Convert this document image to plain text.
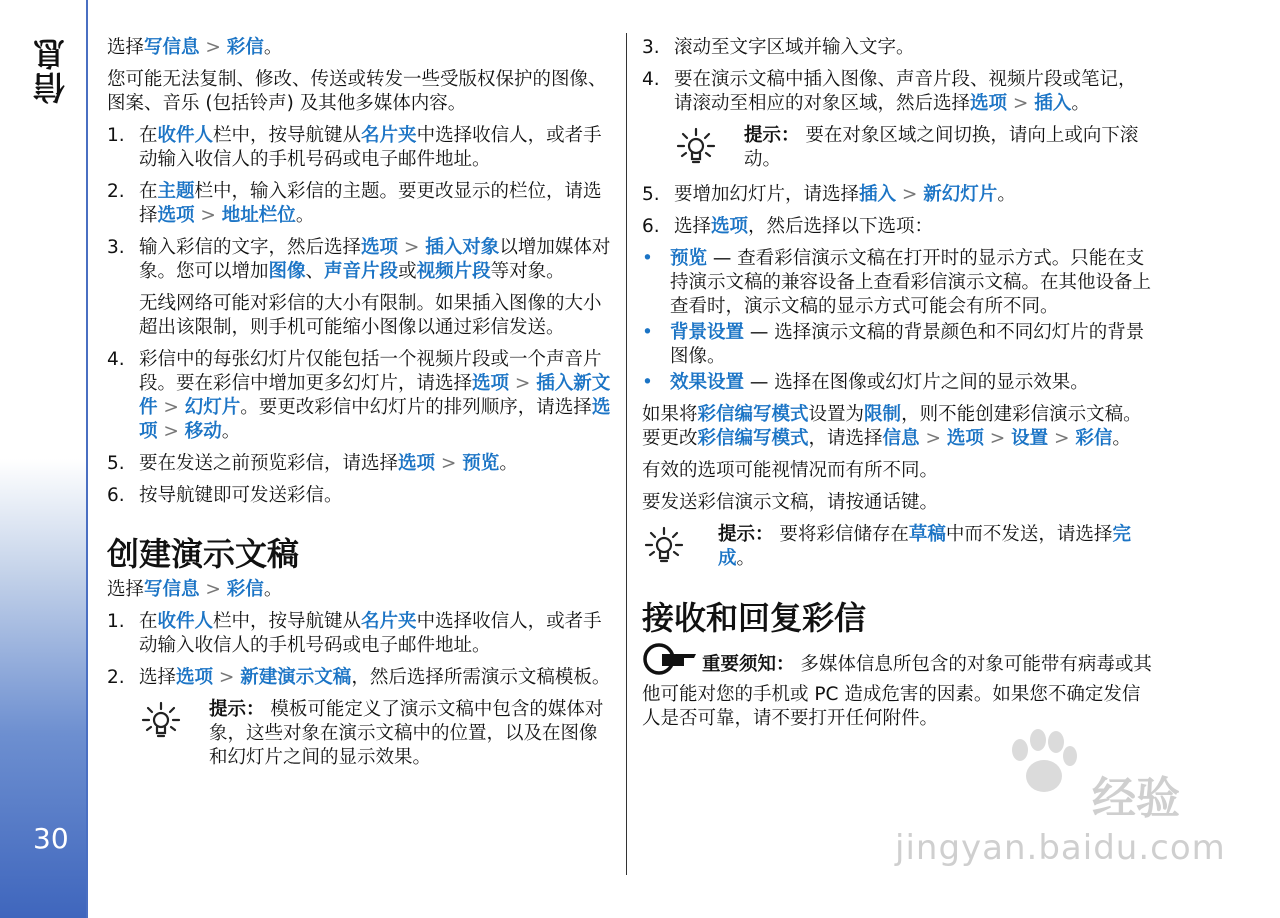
信息
30

选择写信息 > 彩信。

您可能无法复制、修改、传送或转发一些受版权保护的图像、图案、音乐 (包括铃声) 及其他多媒体内容。

1. 在收件人栏中，按导航键从名片夹中选择收信人，或者手动输入收信人的手机号码或电子邮件地址。
2. 在主题栏中，输入彩信的主题。要更改显示的栏位，请选择选项 > 地址栏位。
3. 输入彩信的文字，然后选择选项 > 插入对象以增加媒体对象。您可以增加图像、声音片段或视频片段等对象。
无线网络可能对彩信的大小有限制。如果插入图像的大小超出该限制，则手机可能缩小图像以通过彩信发送。
4. 彩信中的每张幻灯片仅能包括一个视频片段或一个声音片段。要在彩信中增加更多幻灯片，请选择选项 > 插入新文件 > 幻灯片。要更改彩信中幻灯片的排列顺序，请选择选项 > 移动。
5. 要在发送之前预览彩信，请选择选项 > 预览。
6. 按导航键即可发送彩信。
创建演示文稿

选择写信息 > 彩信。

1. 在收件人栏中，按导航键从名片夹中选择收信人，或者手动输入收信人的手机号码或电子邮件地址。
2. 选择选项 > 新建演示文稿，然后选择所需演示文稿模板。
提示： 模板可能定义了演示文稿中包含的媒体对象，这些对象在演示文稿中的位置，以及在图像和幻灯片之间的显示效果。
3. 滚动至文字区域并输入文字。
4. 要在演示文稿中插入图像、声音片段、视频片段或笔记，请滚动至相应的对象区域，然后选择选项 > 插入。
提示： 要在对象区域之间切换，请向上或向下滚动。
5. 要增加幻灯片，请选择插入 > 新幻灯片。
6. 选择选项，然后选择以下选项：
• 预览 — 查看彩信演示文稿在打开时的显示方式。只能在支持演示文稿的兼容设备上查看彩信演示文稿。在其他设备上查看时，演示文稿的显示方式可能会有所不同。
• 背景设置 — 选择演示文稿的背景颜色和不同幻灯片的背景图像。
• 效果设置 — 选择在图像或幻灯片之间的显示效果。

如果将彩信编写模式设置为限制，则不能创建彩信演示文稿。要更改彩信编写模式，请选择信息 > 选项 > 设置 > 彩信。

有效的选项可能视情况而有所不同。

要发送彩信演示文稿，请按通话键。

提示： 要将彩信储存在草稿中而不发送，请选择完成。
接收和回复彩信
重要须知： 多媒体信息所包含的对象可能带有病毒或其他可能对您的手机或 PC 造成危害的因素。如果您不确定发信人是否可靠，请不要打开任何附件。
经验
jingyan.baidu.com
